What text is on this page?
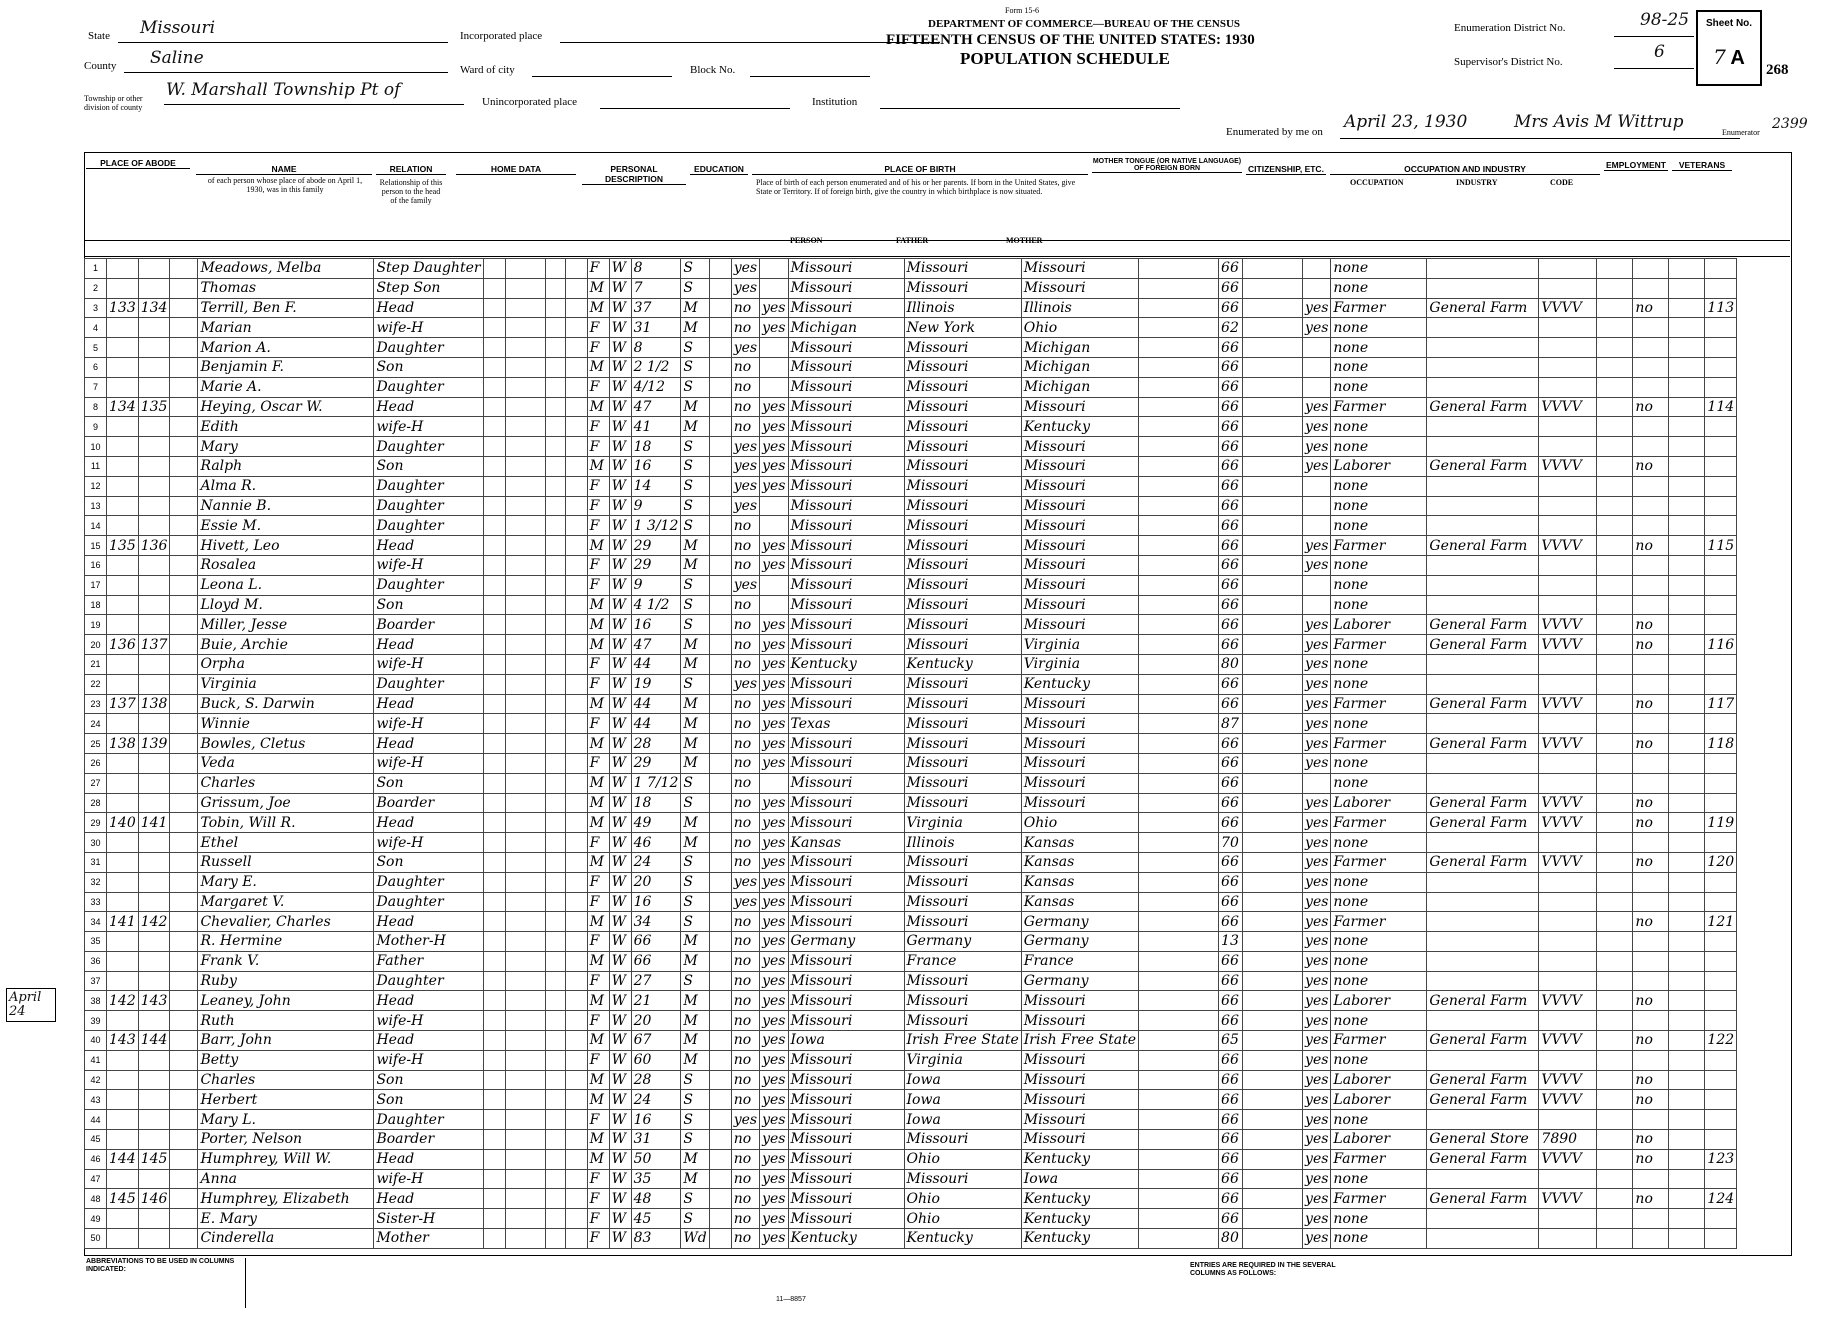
Form 15-6
DEPARTMENT OF COMMERCE—BUREAU OF THE CENSUS
FIFTEENTH CENSUS OF THE UNITED STATES: 1930
POPULATION SCHEDULE
State Missouri
County Saline
Township or other division of county
W. Marshall Township Pt of
Incorporated place
Ward of city	Block No.
Unincorporated place	Institution
Enumeration District No.	98-25
Supervisor's District No.	6
Sheet No.
7 A
268
Enumerated by me on April 23, 1930	Mrs Avis M Wittrup
Enumerator
2399
PLACE OF ABODE
NAME
of each person whose place of abode on April 1, 1930, was in this family
RELATION
Relationship of this person to the head of the family
HOME DATA	PERSONAL DESCRIPTION
EDUCATION	PLACE OF BIRTH
Place of birth of each person enumerated and of his or her parents. If born in the United States, give State or Territory. If of foreign birth, give the country in which birthplace is now situated.
PERSON	FATHER	MOTHER
MOTHER TONGUE (OR NATIVE LANGUAGE) OF FOREIGN BORN	CITIZENSHIP, ETC.	OCCUPATION AND INDUSTRY
OCCUPATION	INDUSTRY	CODE
EMPLOYMENT	VETERANS
1				Meadows, Melba	Step Daughter					F	W	8	S		yes		Missouri	Missouri	Missouri		66			none						
2				Thomas	Step Son					M	W	7	S		yes		Missouri	Missouri	Missouri		66			none						
3	133	134		Terrill, Ben F.	Head					M	W	37	M		no	yes	Missouri	Illinois	Illinois		66		yes	Farmer	General Farm	VVVV		no		113
4				Marian	wife-H					F	W	31	M		no	yes	Michigan	New York	Ohio		62		yes	none						
5				Marion A.	Daughter					F	W	8	S		yes		Missouri	Missouri	Michigan		66			none						
6				Benjamin F.	Son					M	W	2 1/2	S		no		Missouri	Missouri	Michigan		66			none						
7				Marie A.	Daughter					F	W	4/12	S		no		Missouri	Missouri	Michigan		66			none						
8	134	135		Heying, Oscar W.	Head					M	W	47	M		no	yes	Missouri	Missouri	Missouri		66		yes	Farmer	General Farm	VVVV		no		114
9				Edith	wife-H					F	W	41	M		no	yes	Missouri	Missouri	Kentucky		66		yes	none						
10				Mary	Daughter					F	W	18	S		yes	yes	Missouri	Missouri	Missouri		66		yes	none						
11				Ralph	Son					M	W	16	S		yes	yes	Missouri	Missouri	Missouri		66		yes	Laborer	General Farm	VVVV		no		
12				Alma R.	Daughter					F	W	14	S		yes	yes	Missouri	Missouri	Missouri		66			none						
13				Nannie B.	Daughter					F	W	9	S		yes		Missouri	Missouri	Missouri		66			none						
14				Essie M.	Daughter					F	W	1 3/12	S		no		Missouri	Missouri	Missouri		66			none						
15	135	136		Hivett, Leo	Head					M	W	29	M		no	yes	Missouri	Missouri	Missouri		66		yes	Farmer	General Farm	VVVV		no		115
16				Rosalea	wife-H					F	W	29	M		no	yes	Missouri	Missouri	Missouri		66		yes	none						
17				Leona L.	Daughter					F	W	9	S		yes		Missouri	Missouri	Missouri		66			none						
18				Lloyd M.	Son					M	W	4 1/2	S		no		Missouri	Missouri	Missouri		66			none						
19				Miller, Jesse	Boarder					M	W	16	S		no	yes	Missouri	Missouri	Missouri		66		yes	Laborer	General Farm	VVVV		no		
20	136	137		Buie, Archie	Head					M	W	47	M		no	yes	Missouri	Missouri	Virginia		66		yes	Farmer	General Farm	VVVV		no		116
21				Orpha	wife-H					F	W	44	M		no	yes	Kentucky	Kentucky	Virginia		80		yes	none						
22				Virginia	Daughter					F	W	19	S		yes	yes	Missouri	Missouri	Kentucky		66		yes	none						
23	137	138		Buck, S. Darwin	Head					M	W	44	M		no	yes	Missouri	Missouri	Missouri		66		yes	Farmer	General Farm	VVVV		no		117
24				Winnie	wife-H					F	W	44	M		no	yes	Texas	Missouri	Missouri		87		yes	none						
25	138	139		Bowles, Cletus	Head					M	W	28	M		no	yes	Missouri	Missouri	Missouri		66		yes	Farmer	General Farm	VVVV		no		118
26				Veda	wife-H					F	W	29	M		no	yes	Missouri	Missouri	Missouri		66		yes	none						
27				Charles	Son					M	W	1 7/12	S		no		Missouri	Missouri	Missouri		66			none						
28				Grissum, Joe	Boarder					M	W	18	S		no	yes	Missouri	Missouri	Missouri		66		yes	Laborer	General Farm	VVVV		no		
29	140	141		Tobin, Will R.	Head					M	W	49	M		no	yes	Missouri	Virginia	Ohio		66		yes	Farmer	General Farm	VVVV		no		119
30				Ethel	wife-H					F	W	46	M		no	yes	Kansas	Illinois	Kansas		70		yes	none						
31				Russell	Son					M	W	24	S		no	yes	Missouri	Missouri	Kansas		66		yes	Farmer	General Farm	VVVV		no		120
32				Mary E.	Daughter					F	W	20	S		yes	yes	Missouri	Missouri	Kansas		66		yes	none						
33				Margaret V.	Daughter					F	W	16	S		yes	yes	Missouri	Missouri	Kansas		66		yes	none						
34	141	142		Chevalier, Charles	Head					M	W	34	S		no	yes	Missouri	Missouri	Germany		66		yes	Farmer				no		121
35				R. Hermine	Mother-H					F	W	66	M		no	yes	Germany	Germany	Germany		13		yes	none						
36				Frank V.	Father					M	W	66	M		no	yes	Missouri	France	France		66		yes	none						
37				Ruby	Daughter					F	W	27	S		no	yes	Missouri	Missouri	Germany		66		yes	none						
38	142	143		Leaney, John	Head					M	W	21	M		no	yes	Missouri	Missouri	Missouri		66		yes	Laborer	General Farm	VVVV		no		
39				Ruth	wife-H					F	W	20	M		no	yes	Missouri	Missouri	Missouri		66		yes	none						
40	143	144		Barr, John	Head					M	W	67	M		no	yes	Iowa	Irish Free State	Irish Free State		65		yes	Farmer	General Farm	VVVV		no		122
41				Betty	wife-H					F	W	60	M		no	yes	Missouri	Virginia	Missouri		66		yes	none						
42				Charles	Son					M	W	28	S		no	yes	Missouri	Iowa	Missouri		66		yes	Laborer	General Farm	VVVV		no		
43				Herbert	Son					M	W	24	S		no	yes	Missouri	Iowa	Missouri		66		yes	Laborer	General Farm	VVVV		no		
44				Mary L.	Daughter					F	W	16	S		yes	yes	Missouri	Iowa	Missouri		66		yes	none						
45				Porter, Nelson	Boarder					M	W	31	S		no	yes	Missouri	Missouri	Missouri		66		yes	Laborer	General Store	7890		no		
46	144	145		Humphrey, Will W.	Head					M	W	50	M		no	yes	Missouri	Ohio	Kentucky		66		yes	Farmer	General Farm	VVVV		no		123
47				Anna	wife-H					F	W	35	M		no	yes	Missouri	Missouri	Iowa		66		yes	none						
48	145	146		Humphrey, Elizabeth	Head					F	W	48	S		no	yes	Missouri	Ohio	Kentucky		66		yes	Farmer	General Farm	VVVV		no		124
49				E. Mary	Sister-H					F	W	45	S		no	yes	Missouri	Ohio	Kentucky		66		yes	none						
50				Cinderella	Mother					F	W	83	Wd		no	yes	Kentucky	Kentucky	Kentucky		80		yes	none						
April 24
ABBREVIATIONS TO BE USED IN COLUMNS INDICATED:
ENTRIES ARE REQUIRED IN THE SEVERAL COLUMNS AS FOLLOWS:
11—8857
